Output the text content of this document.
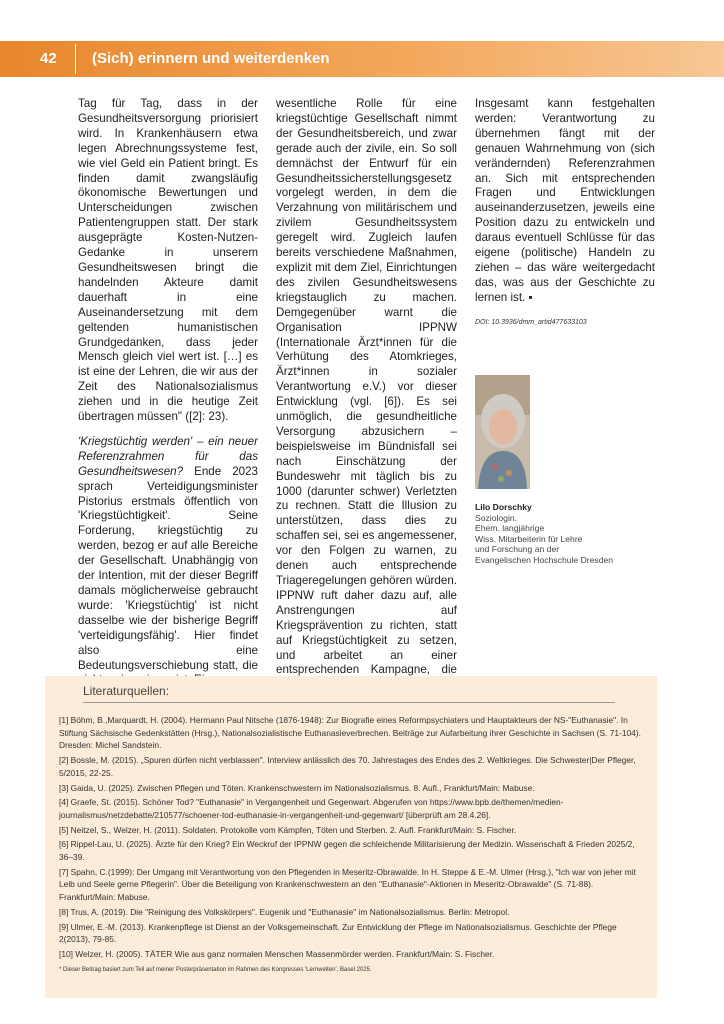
42 (Sich) erinnern und weiterdenken

Tag für Tag, dass in der Gesundheitsversorgung priorisiert wird. In Krankenhäusern etwa legen Abrechnungssysteme fest, wie viel Geld ein Patient bringt. Es finden damit zwangsläufig ökonomische Bewertungen und Unterscheidungen zwischen Patientengruppen statt. Der stark ausgeprägte Kosten-Nutzen-Gedanke in unserem Gesundheitswesen bringt die handelnden Akteure damit dauerhaft in eine Auseinandersetzung mit dem geltenden humanistischen Grundgedanken, dass jeder Mensch gleich viel wert ist. […] es ist eine der Lehren, die wir aus der Zeit des Nationalsozialismus ziehen und in die heutige Zeit übertragen müssen" ([2]: 23).

'Kriegstüchtig werden' – ein neuer Referenzrahmen für das Gesundheitswesen? Ende 2023 sprach Verteidigungsminister Pistorius erstmals öffentlich von 'Kriegstüchtigkeit'. Seine Forderung, kriegstüchtig zu werden, bezog er auf alle Bereiche der Gesellschaft. Unabhängig von der Intention, mit der dieser Begriff damals möglicherweise gebraucht wurde: 'Kriegstüchtig' ist nicht dasselbe wie der bisherige Begriff 'verteidigungsfähig'. Hier findet also eine Bedeutungsverschiebung statt, die

wesentliche Rolle für eine kriegstüchtige Gesellschaft nimmt der Gesundheitsbereich, und zwar gerade auch der zivile, ein. So soll demnächst der Entwurf für ein Gesundheitssicherstellungsgesetz vorgelegt werden, in dem die Verzahnung von militärischem und zivilem Gesundheitssystem geregelt wird. Zugleich laufen bereits verschiedene Maßnahmen, explizit mit dem Ziel, Einrichtungen des zivilen Gesundheitswesens kriegstauglich zu machen. Demgegenüber warnt die Organisation IPPNW (Internationale Ärzt*innen für die Verhütung des Atomkrieges, Ärzt*innen in sozialer Verantwortung e.V.) vor dieser Entwicklung (vgl. [6]). Es sei unmöglich, die gesundheitliche Versorgung abzusichern – beispielsweise im Bündnisfall sei nach Einschätzung der Bundeswehr mit täglich bis zu 1000 (darunter schwer) Verletzten zu rechnen. Statt die Illusion zu unterstützen, dass dies zu schaffen sei, sei es angemessener, vor den Folgen zu warnen, zu denen auch entsprechende Triageregelungen gehören würden. IPPNW ruft daher dazu auf, alle Anstrengungen auf Kriegsprävention zu richten, statt auf Kriegstüchtigkeit zu setzen, und arbeitet an einer entsprechenden Kampagne, die

Insgesamt kann festgehalten werden: Verantwortung zu übernehmen fängt mit der genauen Wahrnehmung von (sich verändernden) Referenzrahmen an. Sich mit entsprechenden Fragen und Entwicklungen auseinanderzusetzen, jeweils eine Position dazu zu entwickeln und daraus eventuell Schlüsse für das eigene (politische) Handeln zu ziehen – das wäre weitergedacht das, was aus der Geschichte zu lernen ist. ▪

DOI: 10.3936/dmm_artid477633103
Lilo Dorschky
Soziologin.
Ehem. langjährige
Wiss. Mitarbeiterin für Lehre
und Forschung an der
Evangelischen Hochschule Dresden
Literaturquellen:
[1] Böhm, B.,Marquardt, H. (2004). Hermann Paul Nitsche (1876-1948): Zur Biografie eines Reformpsychiaters und Hauptakteurs der NS-"Euthanasie". In Stiftung Sächsische Gedenkstätten (Hrsg.), Nationalsozialistische Euthanasieverbrechen. Beiträge zur Aufarbeitung ihrer Geschichte in Sachsen (S. 71-104). Dresden: Michel Sandstein.
[2] Bossle, M. (2015). „Spuren dürfen nicht verblassen". Interview anlässlich des 70. Jahrestages des Endes des 2. Weltkrieges. Die Schwester|Der Pfleger, 5/2015, 22-25.
[3] Gaida, U. (2025). Zwischen Pflegen und Töten. Krankenschwestern im Nationalsozialismus. 8. Aufl., Frankfurt/Main: Mabuse.
[4] Graefe, St. (2015). Schöner Tod? "Euthanasie" in Vergangenheit und Gegenwart. Abgerufen von https://www.bpb.de/themen/medien-journalismus/netzdebatte/210577/schoener-tod-euthanasie-in-vergangenheit-und-gegenwart/ [überprüft am 28.4.26].
[5] Neitzel, S., Welzer, H. (2011). Soldaten. Protokolle vom Kämpfen, Töten und Sterben. 2. Aufl. Frankfurt/Main: S. Fischer.
[6] Rippel-Lau, U. (2025). Ärzte für den Krieg? Ein Weckruf der IPPNW gegen die schleichende Militarisierung der Medizin. Wissenschaft & Frieden 2025/2, 36–39.
[7] Spahn, C.(1999): Der Umgang mit Verantwortung von den Pflegenden in Meseritz-Obrawalde. In H. Steppe & E.-M. Ulmer (Hrsg.), "Ich war von jeher mit Leib und Seele gerne Pflegerin". Über die Beteiligung von Krankenschwestern an den "Euthanasie"-Aktionen in Meseritz-Obrawalde" (S. 71-88). Frankfurt/Main: Mabuse.
[8] Trus, A. (2019). Die "Reinigung des Volkskörpers". Eugenik und "Euthanasie" im Nationalsozialismus. Berlin: Metropol.
[9] Ulmer, E.-M. (2013). Krankenpflege ist Dienst an der Volksgemeinschaft. Zur Entwicklung der Pflege im Nationalsozialismus. Geschichte der Pflege 2(2013), 79-85.
[10] Welzer, H. (2005). TÄTER Wie aus ganz normalen Menschen Massenmörder werden. Frankfurt/Main: S. Fischer.
* Dieser Beitrag basiert zum Teil auf meiner Posterpräsentation im Rahmen des Kongresses 'Lernwelten', Basel 2025.
